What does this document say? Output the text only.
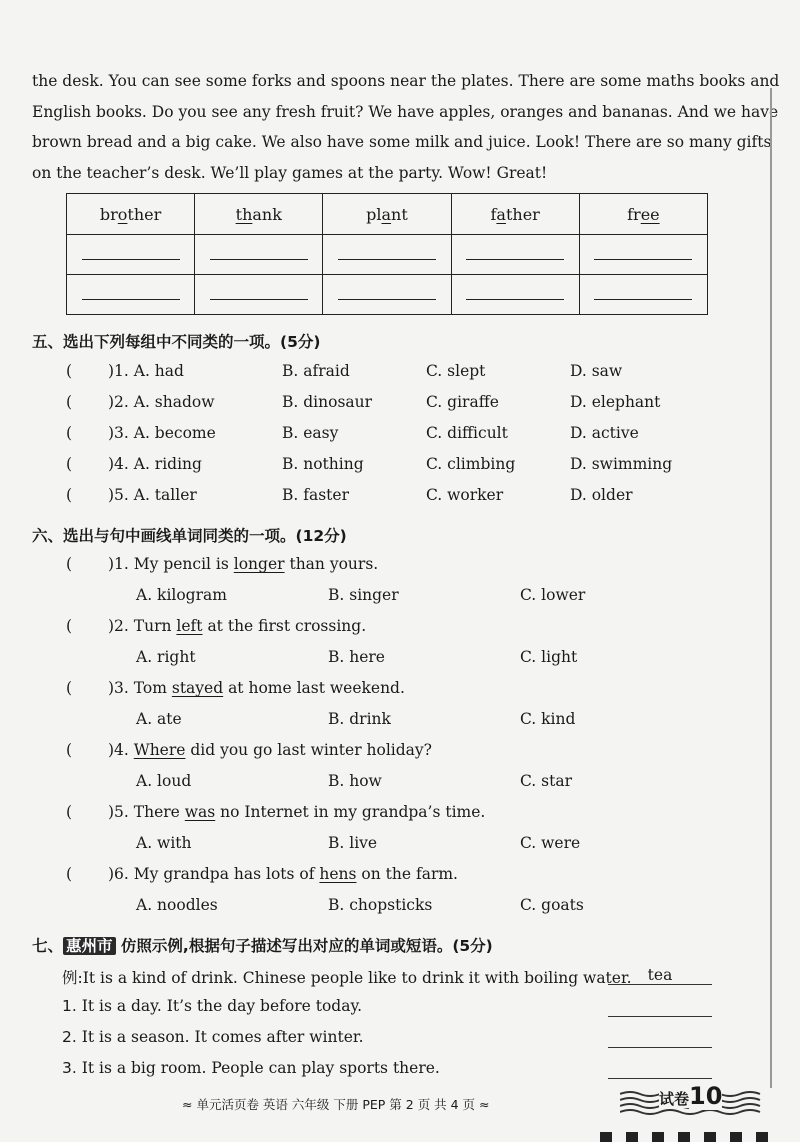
the desk. You can see some forks and spoons near the plates. There are some maths books and
English books. Do you see any fresh fruit? We have apples, oranges and bananas. And we have
brown bread and a big cake. We also have some milk and juice. Look! There are so many gifts
on the teacher’s desk. We’ll play games at the party. Wow! Great!
brother	thank	plant	father	free

五、选出下列每组中不同类的一项。(5分)
( )1. A. had	B. afraid	C. slept	D. saw
( )2. A. shadow	B. dinosaur	C. giraffe	D. elephant
( )3. A. become	B. easy	C. difficult	D. active
( )4. A. riding	B. nothing	C. climbing	D. swimming
( )5. A. taller	B. faster	C. worker	D. older
六、选出与句中画线单词同类的一项。(12分)
( )1. My pencil is longer than yours.
A. kilogram	B. singer	C. lower
( )2. Turn left at the first crossing.
A. right	B. here	C. light
( )3. Tom stayed at home last weekend.
A. ate	B. drink	C. kind
( )4. Where did you go last winter holiday?
A. loud	B. how	C. star
( )5. There was no Internet in my grandpa’s time.
A. with	B. live	C. were
( )6. My grandpa has lots of hens on the farm.
A. noodles	B. chopsticks	C. goats
七、 惠州市 仿照示例,根据句子描述写出对应的单词或短语。(5分)
例:It is a kind of drink. Chinese people like to drink it with boiling water.	tea
1. It is a day. It’s the day before today.
2. It is a season. It comes after winter.
3. It is a big room. People can play sports there.
≈ 单元活页卷 英语 六年级 下册 PEP 第 2 页 共 4 页 ≈	试卷10
